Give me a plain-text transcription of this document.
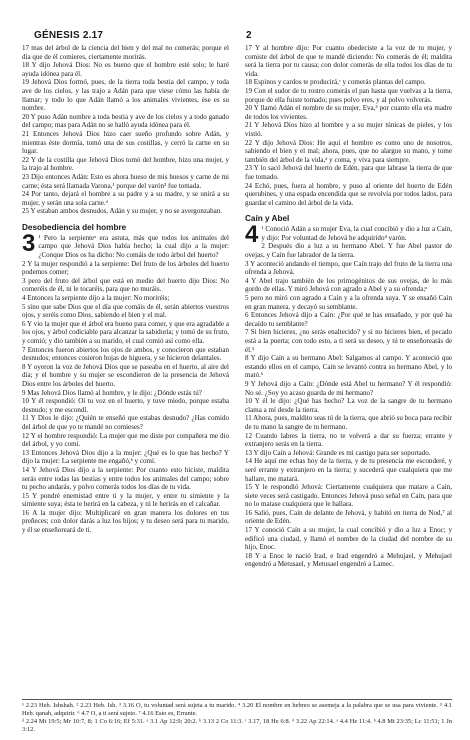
GÉNESIS 2.17	2

17 mas del árbol de la ciencia del bien y del mal no comerás; porque el día que de él comieres, ciertamente morirás.

18 Y dijo Jehová Dios: No es bueno que el hombre esté solo; le haré ayuda idónea para él.

19 Jehová Dios formó, pues, de la tierra toda bestia del campo, y toda ave de los cielos, y las trajo a Adán para que viese cómo las había de llamar; y todo lo que Adán llamó a los animales vivientes, ése es su nombre.

20 Y puso Adán nombre a toda bestia y ave de los cielos y a todo ganado del campo; mas para Adán no se halló ayuda idónea para él.

21 Entonces Jehová Dios hizo caer sueño profundo sobre Adán, y mientras éste dormía, tomó una de sus costillas, y cerró la carne en su lugar.

22 Y de la costilla que Jehová Dios tomó del hombre, hizo una mujer, y la trajo al hombre.

23 Dijo entonces Adán: Esto es ahora hueso de mis huesos y carne de mi carne; ésta será llamada Varona,¹ porque del varón² fue tomada.

24 Por tanto, dejará el hombre a su padre y a su madre, y se unirá a su mujer, y serán una sola carne.ᵈ

25 Y estaban ambos desnudos, Adán y su mujer, y no se avergonzaban.

Desobediencia del hombre
3 ¹ Pero la serpienteᵃ era astuta, más que todos los animales del campo que Jehová Dios había hecho; la cual dijo a la mujer: ¿Conque Dios os ha dicho: No comáis de todo árbol del huerto?

2 Y la mujer respondió a la serpiente: Del fruto de los árboles del huerto podemos comer;

3 pero del fruto del árbol que está en medio del huerto dijo Dios: No comeréis de él, ni le tocaréis, para que no muráis.

4 Entonces la serpiente dijo a la mujer: No moriréis;

5 sino que sabe Dios que el día que comáis de él, serán abiertos vuestros ojos, y seréis como Dios, sabiendo el bien y el mal.

6 Y vio la mujer que el árbol era bueno para comer, y que era agradable a los ojos, y árbol codiciable para alcanzar la sabiduría; y tomó de su fruto, y comió; y dio también a su marido, el cual comió así como ella.

7 Entonces fueron abiertos los ojos de ambos, y conocieron que estaban desnudos; entonces cosieron hojas de higuera, y se hicieron delantales.

8 Y oyeron la voz de Jehová Dios que se paseaba en el huerto, al aire del día; y el hombre y su mujer se escondieron de la presencia de Jehová Dios entre los árboles del huerto.

9 Mas Jehová Dios llamó al hombre, y le dijo: ¿Dónde estás tú?

10 Y él respondió: Oí tu voz en el huerto, y tuve miedo, porque estaba desnudo; y me escondí.

11 Y Dios le dijo: ¿Quién te enseñó que estabas desnudo? ¿Has comido del árbol de que yo te mandé no comieses?

12 Y el hombre respondió: La mujer que me diste por compañera me dio del árbol, y yo comí.

13 Entonces Jehová Dios dijo a la mujer: ¿Qué es lo que has hecho? Y dijo la mujer: La serpiente me engañó,ᵇ y comí.

14 Y Jehová Dios dijo a la serpiente: Por cuanto esto hiciste, maldita serás entre todas las bestias y entre todos los animales del campo; sobre tu pecho andarás, y polvo comerás todos los días de tu vida.

15 Y pondré enemistad entre ti y la mujer, y entre tu simiente y la simiente suya; ésta te herirá en la cabeza, y tú le herirás en el calcañar.

16 A la mujer dijo: Multiplicaré en gran manera los dolores en tus preñeces; con dolor darás a luz los hijos; y tu deseo será para tu marido, y él se enseñoreará de ti.

17 Y al hombre dijo: Por cuanto obedeciste a la voz de tu mujer, y comiste del árbol de que te mandé diciendo: No comerás de él; maldita será la tierra por tu causa; con dolor comerás de ella todos los días de tu vida.

18 Espinos y cardos te producirá,ᶜ y comerás plantas del campo.

19 Con el sudor de tu rostro comerás el pan hasta que vuelvas a la tierra, porque de ella fuiste tomado; pues polvo eres, y al polvo volverás.

20 Y llamó Adán el nombre de su mujer, Eva,³ por cuanto ella era madre de todos los vivientes.

21 Y Jehová Dios hizo al hombre y a su mujer túnicas de pieles, y los vistió.

22 Y dijo Jehová Dios: He aquí el hombre es como uno de nosotros, sabiendo el bien y el mal; ahora, pues, que no alargue su mano, y tome también del árbol de la vida,ᵈ y coma, y viva para siempre.

23 Y lo sacó Jehová del huerto de Edén, para que labrase la tierra de que fue tomado.

24 Echó, pues, fuera al hombre, y puso al oriente del huerto de Edén querubines, y una espada encendida que se revolvía por todos lados, para guardar el camino del árbol de la vida.

Caín y Abel
4 ¹ Conoció Adán a su mujer Eva, la cual concibió y dio a luz a Caín, y dijo: Por voluntad de Jehová he adquirido⁴ varón.

2 Después dio a luz a su hermano Abel. Y fue Abel pastor de ovejas, y Caín fue labrador de la tierra.

3 Y aconteció andando el tiempo, que Caín trajo del fruto de la tierra una ofrenda a Jehová.

4 Y Abel trajo también de los primogénitos de sus ovejas, de lo más gordo de ellas. Y miró Jehová con agrado a Abel y a su ofrenda;ᵃ

5 pero no miró con agrado a Caín y a la ofrenda suya. Y se ensañó Caín en gran manera, y decayó su semblante.

6 Entonces Jehová dijo a Caín: ¿Por qué te has ensañado, y por qué ha decaído tu semblante?

7 Si bien hicieres, ¿no serás enaltecido? y si no hicieres bien, el pecado está a la puerta; con todo esto, a ti será su deseo, y tú te enseñorearás de él.⁵

8 Y dijo Caín a su hermano Abel: Salgamos al campo. Y aconteció que estando ellos en el campo, Caín se levantó contra su hermano Abel, y lo mató.ᵇ

9 Y Jehová dijo a Caín: ¿Dónde está Abel tu hermano? Y él respondió: No sé. ¿Soy yo acaso guarda de mi hermano?

10 Y él le dijo: ¿Qué has hecho? La voz de la sangre de tu hermano clama a mí desde la tierra.

11 Ahora, pues, maldito seas tú de la tierra, que abrió su boca para recibir de tu mano la sangre de tu hermano.

12 Cuando labres la tierra, no te volverá a dar su fuerza; errante y extranjero serás en la tierra.

13 Y dijo Caín a Jehová: Grande es mi castigo para ser soportado.

14 He aquí me echas hoy de la tierra, y de tu presencia me esconderé, y seré errante y extranjero en la tierra; y sucederá que cualquiera que me hallare, me matará.

15 Y le respondió Jehová: Ciertamente cualquiera que matare a Caín, siete veces será castigado. Entonces Jehová puso señal en Caín, para que no lo matase cualquiera que le hallara.

16 Salió, pues, Caín de delante de Jehová, y habitó en tierra de Nod,⁷ al oriente de Edén.

17 Y conoció Caín a su mujer, la cual concibió y dio a luz a Enoc; y edificó una ciudad, y llamó el nombre de la ciudad del nombre de su hijo, Enoc.

18 Y a Enoc le nació Irad, e Irad engendró a Mehujael, y Mehujael engendró a Metusael, y Metusael engendró a Lamec.

¹ 2.23 Heb. Ishshah. ² 2.23 Heb. Ish. ³ 3.16 O, tu voluntad será sujeta a tu marido. ⁴ 3.20 El nombre en hebreo se asemeja a la palabra que se usa para viviente. ⁵ 4.1 Heb. qanah, adquirir. ⁶ 4.7 O, a ti será sujeto. ⁷ 4.16 Esto es, Errante.

ᵈ 2.24 Mt 19:5; Mr 10:7, 8; 1 Co 6:16; Ef 5:31. ᵃ 3.1 Ap 12:9; 20:2. ᵇ 3.13 2 Co 11:3. ᶜ 3.17, 18 He 6:8. ᵈ 3.22 Ap 22:14. ᵃ 4.4 He 11:4. ᵇ 4.8 Mt 23:35; Lc 11:51; 1 Jn 3:12.
